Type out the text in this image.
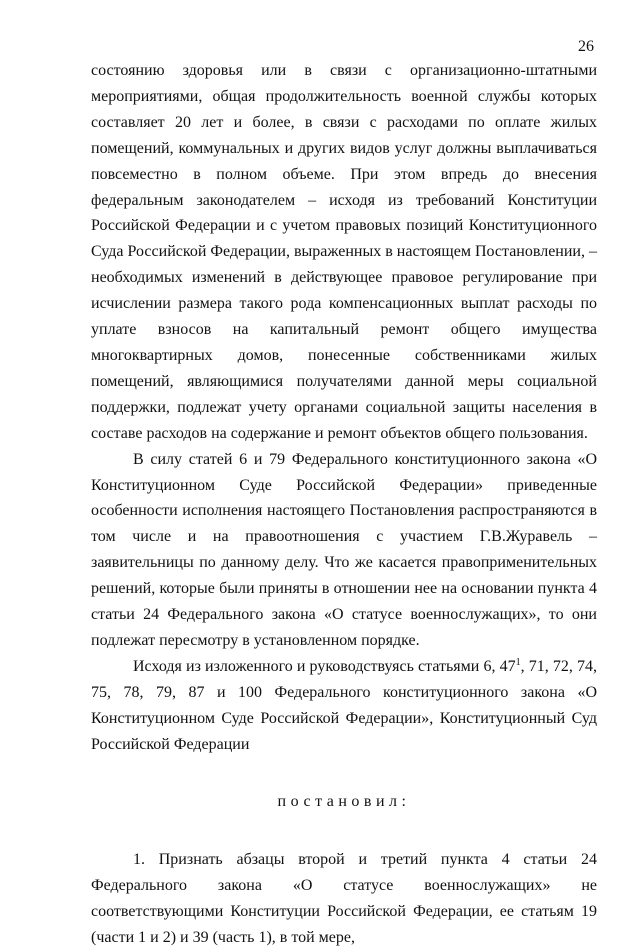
26

состоянию здоровья или в связи с организационно-штатными мероприятиями, общая продолжительность военной службы которых составляет 20 лет и более, в связи с расходами по оплате жилых помещений, коммунальных и других видов услуг должны выплачиваться повсеместно в полном объеме. При этом впредь до внесения федеральным законодателем – исходя из требований Конституции Российской Федерации и с учетом правовых позиций Конституционного Суда Российской Федерации, выраженных в настоящем Постановлении, – необходимых изменений в действующее правовое регулирование при исчислении размера такого рода компенсационных выплат расходы по уплате взносов на капитальный ремонт общего имущества многоквартирных домов, понесенные собственниками жилых помещений, являющимися получателями данной меры социальной поддержки, подлежат учету органами социальной защиты населения в составе расходов на содержание и ремонт объектов общего пользования.

В силу статей 6 и 79 Федерального конституционного закона «О Конституционном Суде Российской Федерации» приведенные особенности исполнения настоящего Постановления распространяются в том числе и на правоотношения с участием Г.В.Журавель – заявительницы по данному делу. Что же касается правоприменительных решений, которые были приняты в отношении нее на основании пункта 4 статьи 24 Федерального закона «О статусе военнослужащих», то они подлежат пересмотру в установленном порядке.

Исходя из изложенного и руководствуясь статьями 6, $47^1$, 71, 72, 74, 75, 78, 79, 87 и 100 Федерального конституционного закона «О Конституционном Суде Российской Федерации», Конституционный Суд Российской Федерации

постановил:

1. Признать абзацы второй и третий пункта 4 статьи 24 Федерального закона «О статусе военнослужащих» не соответствующими Конституции Российской Федерации, ее статьям 19 (части 1 и 2) и 39 (часть 1), в той мере,
